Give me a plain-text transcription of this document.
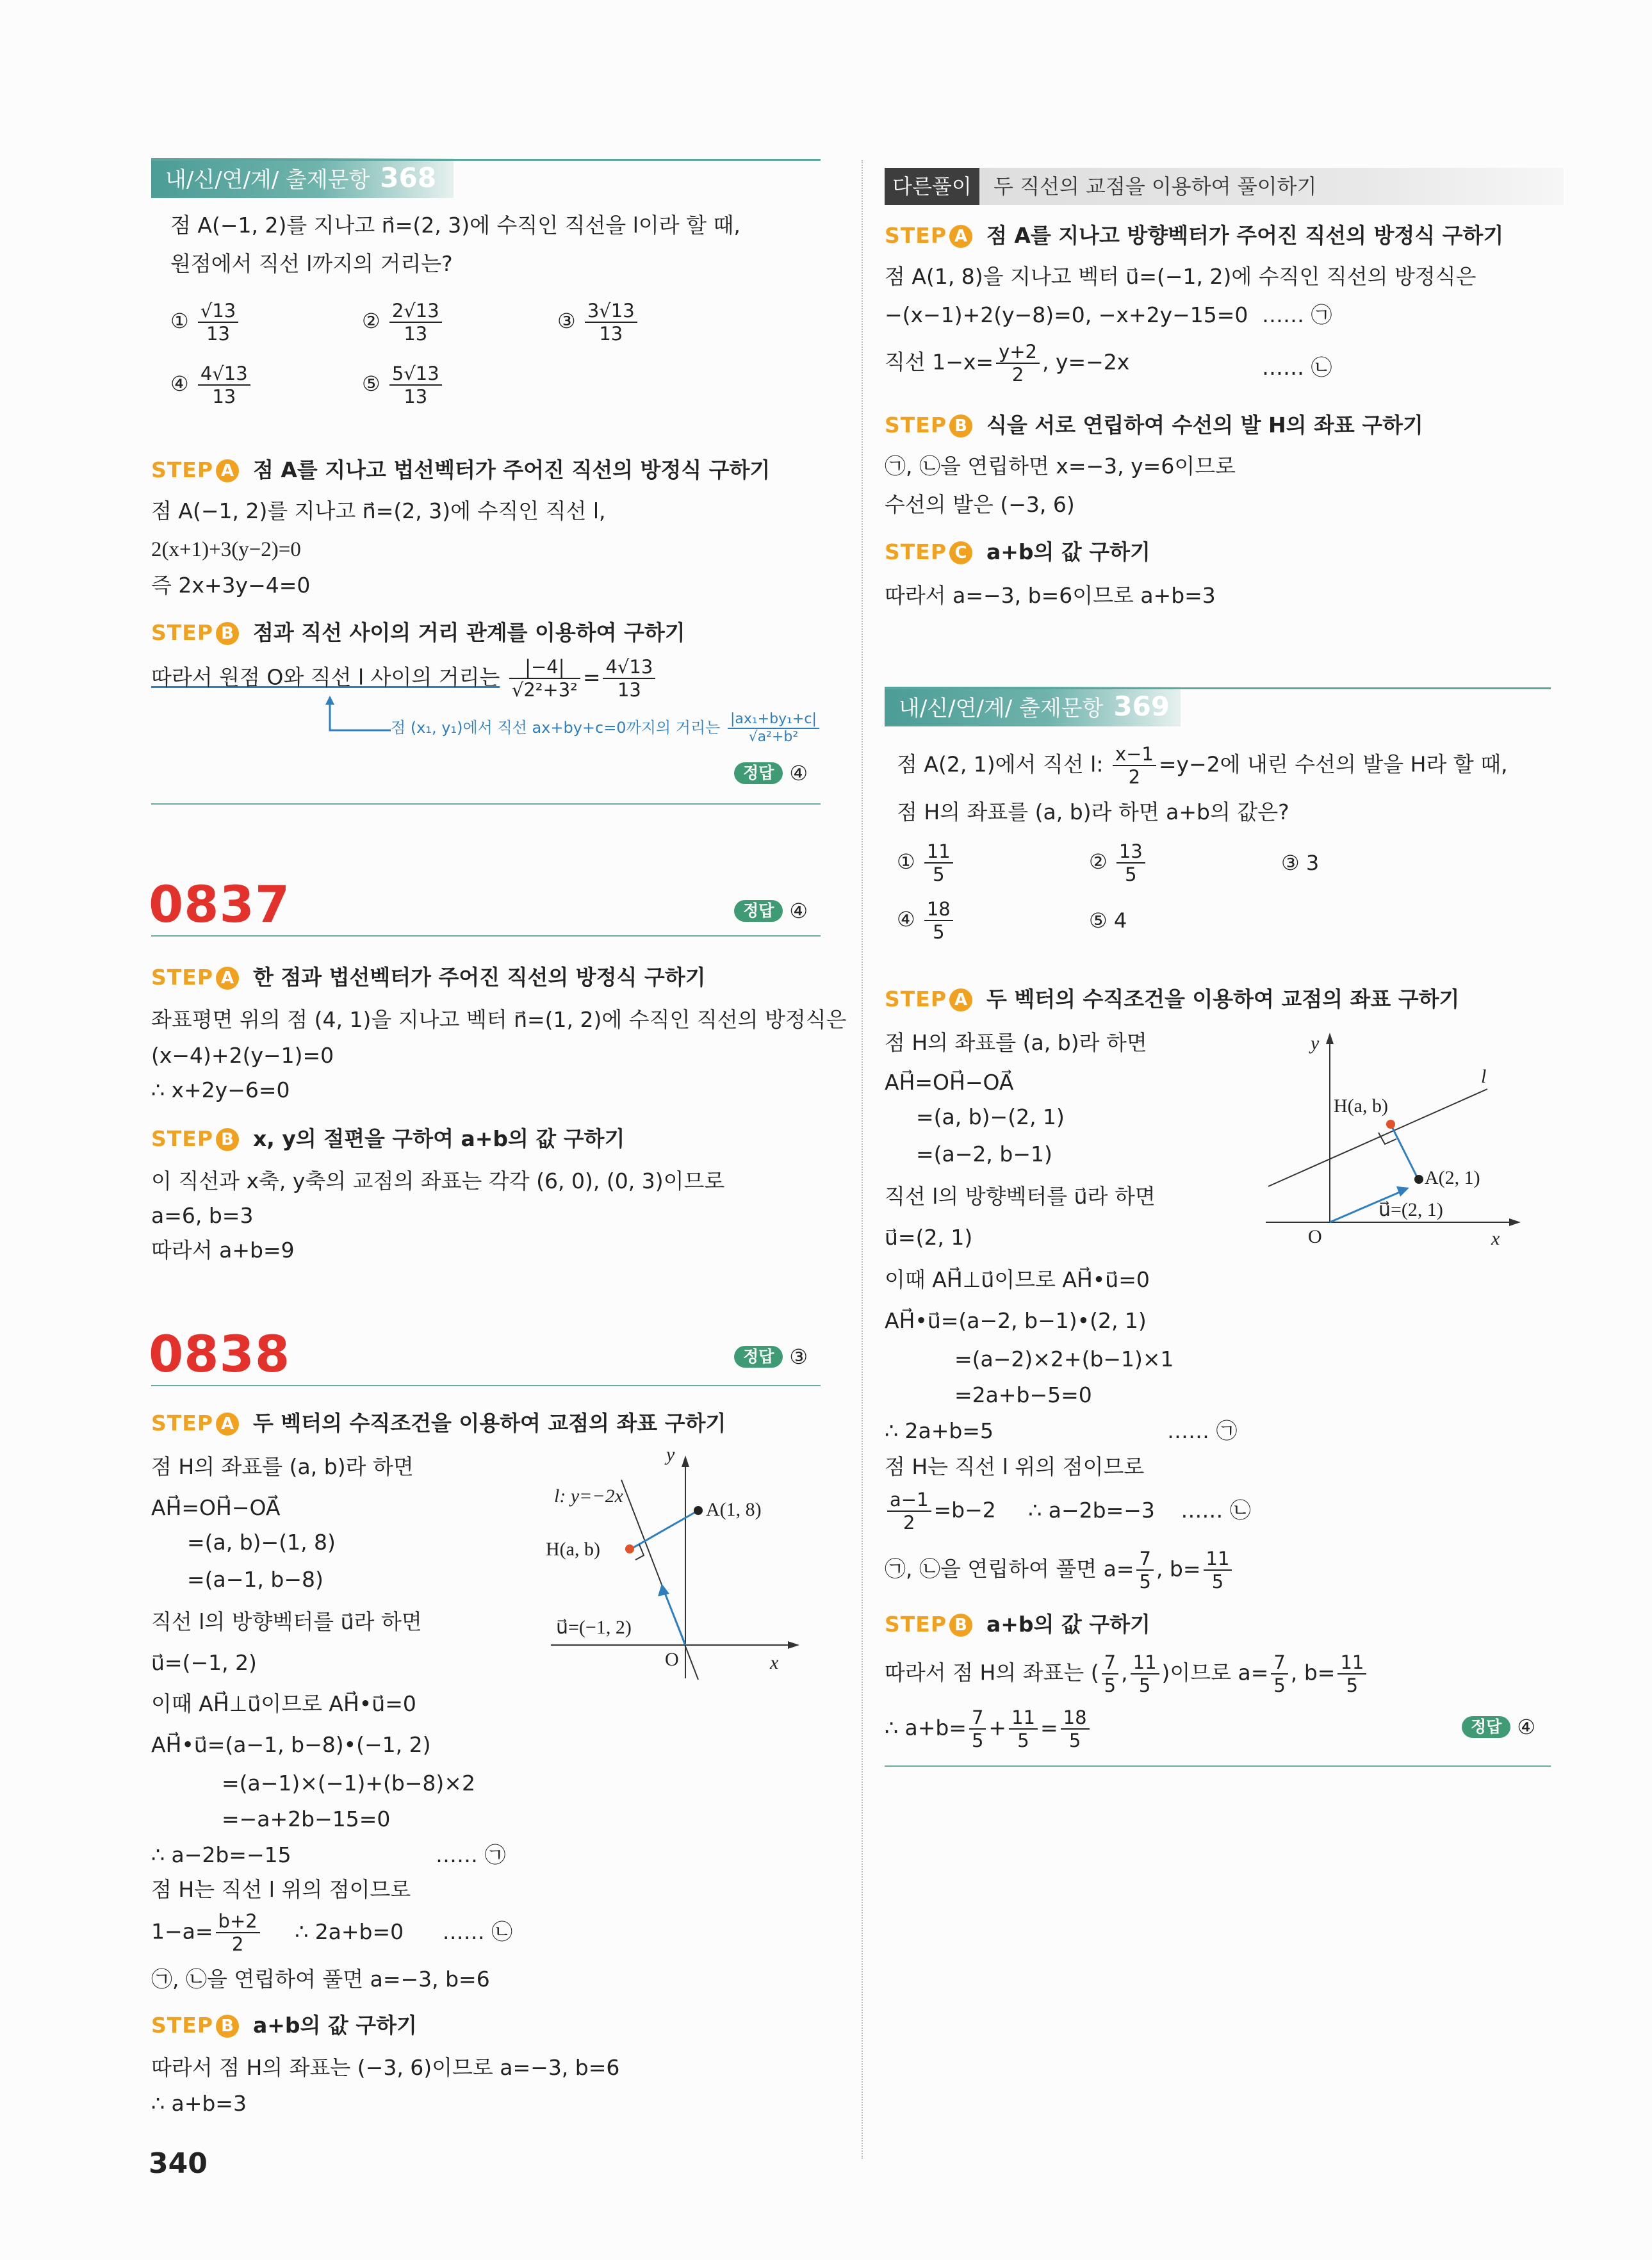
내/신/연/계/ 출제문항 368
점 A(−1, 2)를 지나고 n⃗=(2, 3)에 수직인 직선을 l이라 할 때,
원점에서 직선 l까지의 거리는?
① $\frac{√13}{13}$	② $\frac{2√13}{13}$	③ $\frac{3√13}{13}$
④ $\frac{4√13}{13}$	⑤ $\frac{5√13}{13}$
STEP A 점 A를 지나고 법선벡터가 주어진 직선의 방정식 구하기
점 A(−1, 2)를 지나고 n⃗=(2, 3)에 수직인 직선 l,
2(x+1)+3(y−2)=0
즉 2x+3y−4=0
STEP B 점과 직선 사이의 거리 관계를 이용하여 구하기
따라서 원점 O와 직선 l 사이의 거리는 $\frac{|-4|}{\text{√2²+3²}} = \frac{4√13}{13}$
점 (x₁, y₁)에서 직선 ax+by+c=0까지의 거리는 $\frac{\text{|ax₁+by₁+c|}}{\text{√a²+b²}}$
정답 ④
0837	정답 ④
STEP A 한 점과 법선벡터가 주어진 직선의 방정식 구하기
좌표평면 위의 점 (4, 1)을 지나고 벡터 n⃗=(1, 2)에 수직인 직선의 방정식은
(x−4)+2(y−1)=0
∴ x+2y−6=0
STEP B x, y의 절편을 구하여 a+b의 값 구하기
이 직선과 x축, y축의 교점의 좌표는 각각 (6, 0), (0, 3)이므로
a=6, b=3
따라서 a+b=9
0838	정답 ③
STEP A 두 벡터의 수직조건을 이용하여 교점의 좌표 구하기
점 H의 좌표를 (a, b)라 하면
AH⃗=OH⃗−OA⃗
=(a, b)−(1, 8)
=(a−1, b−8)
직선 l의 방향벡터를 u⃗라 하면
u⃗=(−1, 2)
이때 AH⃗⊥u⃗이므로 AH⃗•u⃗=0
AH⃗•u⃗=(a−1, b−8)•(−1, 2)
=(a−1)×(−1)+(b−8)×2
=−a+2b−15=0
∴ a−2b=−15	…… ㉠
점 H는 직선 l 위의 점이므로
$1-a= \frac{b+2}{2}$ ∴ 2a+b=0 …… ㉡
㉠, ㉡을 연립하여 풀면 a=−3, b=6
STEP B a+b의 값 구하기
따라서 점 H의 좌표는 (−3, 6)이므로 a=−3, b=6
∴ a+b=3
y
x
O
l: y=−2x
A(1, 8)
H(a, b)
u⃗=(−1, 2)
340
다른풀이	두 직선의 교점을 이용하여 풀이하기
STEP A 점 A를 지나고 방향벡터가 주어진 직선의 방정식 구하기
점 A(1, 8)을 지나고 벡터 u⃗=(−1, 2)에 수직인 직선의 방정식은
−(x−1)+2(y−8)=0, −x+2y−15=0 …… ㉠
직선 $1-x= \frac{y+2}{2}$ , y=−2x	…… ㉡
STEP B 식을 서로 연립하여 수선의 발 H의 좌표 구하기
㉠, ㉡을 연립하면 x=−3, y=6이므로
수선의 발은 (−3, 6)
STEP C a+b의 값 구하기
따라서 a=−3, b=6이므로 a+b=3
내/신/연/계/ 출제문항 369
점 A(2, 1)에서 직선 l: $\frac{x-1}{2} =y-2$에 내린 수선의 발을 H라 할 때,
점 H의 좌표를 (a, b)라 하면 a+b의 값은?
① $\frac{11}{5}$	② $\frac{13}{5}$	③ 3
④ $\frac{18}{5}$	⑤ 4
STEP A 두 벡터의 수직조건을 이용하여 교점의 좌표 구하기
점 H의 좌표를 (a, b)라 하면
AH⃗=OH⃗−OA⃗
=(a, b)−(2, 1)
=(a−2, b−1)
직선 l의 방향벡터를 u⃗라 하면
u⃗=(2, 1)
이때 AH⃗⊥u⃗이므로 AH⃗•u⃗=0
AH⃗•u⃗=(a−2, b−1)•(2, 1)
=(a−2)×2+(b−1)×1
=2a+b−5=0
∴ 2a+b=5	…… ㉠
점 H는 직선 l 위의 점이므로
$\frac{a-1}{2} =b-2$ ∴ a−2b=−3 …… ㉡
㉠, ㉡을 연립하여 풀면 $a= \frac{7}{5}$ , $b= \frac{11}{5}$
STEP B a+b의 값 구하기
따라서 점 H의 좌표는 ( $\frac{7}{5}$ , $\frac{11}{5}$ )이므로 $a= \frac{7}{5}$ , $b= \frac{11}{5}$
∴ $a+b= \frac{7}{5} + \frac{11}{5} = \frac{18}{5}$	정답 ④
y
x
O
l
A(2, 1)
H(a, b)
u⃗=(2, 1)
